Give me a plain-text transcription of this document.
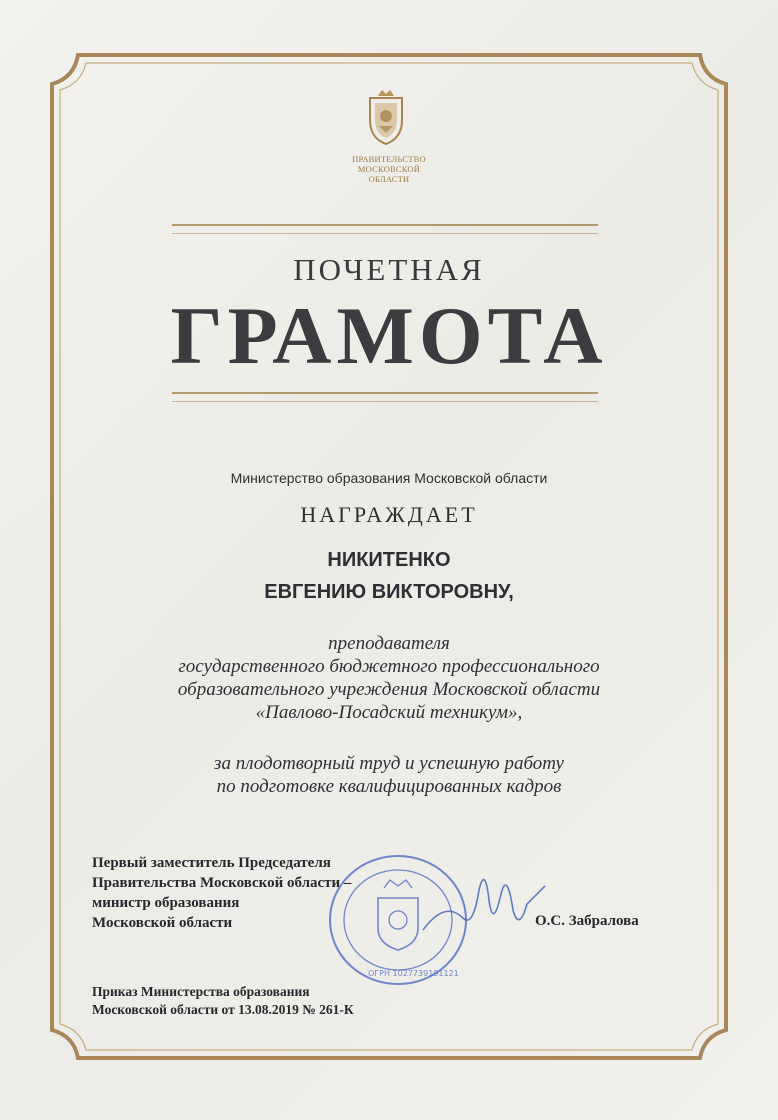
ПРАВИТЕЛЬСТВО
МОСКОВСКОЙ
ОБЛАСТИ
ПОЧЕТНАЯ
ГРАМОТА
Министерство образования Московской области
НАГРАЖДАЕТ
НИКИТЕНКО
ЕВГЕНИЮ ВИКТОРОВНУ,
преподавателя
государственного бюджетного профессионального
образовательного учреждения Московской области
«Павлово-Посадский техникум»,
за плодотворный труд и успешную работу
по подготовке квалифицированных кадров
ОГРН 1027739191121
Первый заместитель Председателя
Правительства Московской области –
министр образования
Московской области	О.С. Забралова
Приказ Министерства образования
Московской области от 13.08.2019 № 261-К
